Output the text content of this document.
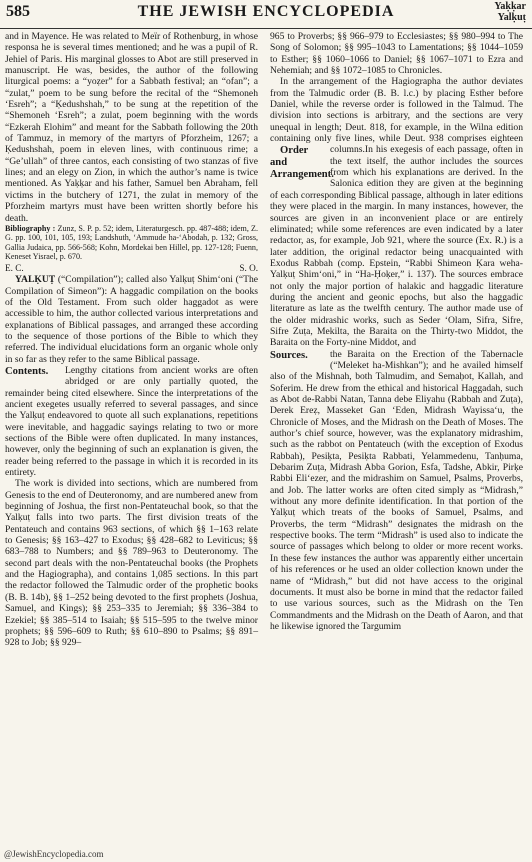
585	THE JEWISH ENCYCLOPEDIA	Yaḳḳar
Yalḳuṭ

and in Mayence. He was related to Meïr of Rothenburg, in whose responsa he is several times mentioned; and he was a pupil of R. Jehiel of Paris. His marginal glosses to Abot are still preserved in manuscript. He was, besides, the author of the following liturgical poems: a “yoẓer” for a Sabbath festival; an “ofan”; a “zulat,” poem to be sung before the recital of the “Shemoneh ‘Esreh”; a “Ḳedushshah,” to be sung at the repetition of the “Shemoneh ‘Esreh”; a zulat, poem beginning with the words “Ezkerah Elohim” and meant for the Sabbath following the 20th of Tammuz, in memory of the martyrs of Pforzheim, 1267; a Ḳedushshah, poem in eleven lines, with continuous rime; a “Ge’ullah” of three cantos, each consisting of two stanzas of five lines; and an elegy on Zion, in which the author’s name is twice mentioned. As Yaḳḳar and his father, Samuel ben Abraham, fell victims in the butchery of 1271, the zulat in memory of the Pforzheim martyrs must have been written shortly before his death.

Bibliography : Zunz, S. P. p. 52; idem, Literaturgesch. pp. 487-488; idem, Z. G. pp. 100, 101, 105, 193; Landshuth, ‘Ammude ha-‘Abodah, p. 132; Gross, Gallia Judaica, pp. 566-568; Kohn, Mordekai ben Hillel, pp. 127-128; Fuenn, Keneset Yisrael, p. 670.

E. C.	S. O.

YALḲUṬ (“Compilation”); called also Yalḳuṭ Shim‘oni (“The Compilation of Simeon”): A haggadic compilation on the books of the Old Testament. From such older haggadot as were accessible to him, the author collected various interpretations and explanations of Biblical passages, and arranged these according to the sequence of those portions of the Bible to which they referred. The individual elucidations form an organic whole only in so far as they refer to the same Biblical passage.

Contents.	Lengthy citations from ancient works are often abridged or are only partially quoted, the remainder being cited elsewhere. Since the interpretations of the ancient exegetes usually referred to several passages, and since the Yalḳuṭ endeavored to quote all such explanations, repetitions were inevitable, and haggadic sayings relating to two or more sections of the Bible were often duplicated. In many instances, however, only the beginning of such an explanation is given, the reader being referred to the passage in which it is recorded in its entirety.

The work is divided into sections, which are numbered from Genesis to the end of Deuteronomy, and are numbered anew from beginning of Joshua, the first non-Pentateuchal book, so that the Yalḳuṭ falls into two parts. The first division treats of the Pentateuch and contains 963 sections, of which §§ 1–163 relate to Genesis; §§ 163–427 to Exodus; §§ 428–682 to Leviticus; §§ 683–788 to Numbers; and §§ 789–963 to Deuteronomy. The second part deals with the non-Pentateuchal books (the Prophets and the Hagiographa), and contains 1,085 sections. In this part the redactor followed the Talmudic order of the prophetic books (B. B. 14b), §§ 1–252 being devoted to the first prophets (Joshua, Samuel, and Kings); §§ 253–335 to Jeremiah; §§ 336–384 to Ezekiel; §§ 385–514 to Isaiah; §§ 515–595 to the twelve minor prophets; §§ 596–609 to Ruth; §§ 610–890 to Psalms; §§ 891–928 to Job; §§ 929–

965 to Proverbs; §§ 966–979 to Ecclesiastes; §§ 980–994 to The Song of Solomon; §§ 995–1043 to Lamentations; §§ 1044–1059 to Esther; §§ 1060–1066 to Daniel; §§ 1067–1071 to Ezra and Nehemiah; and §§ 1072–1085 to Chronicles.

In the arrangement of the Hagiographa the author deviates from the Talmudic order (B. B. l.c.) by placing Esther before Daniel, while the reverse order is followed in the Talmud. The division into sections is arbitrary, and the sections are very unequal in length; Deut. 818, for example, in the Wilna edition containing only five lines, while Deut. 938 comprises eighteen columns.
Order and Arrangement.
In his exegesis of each passage, often in the text itself, the author includes the sources from which his explanations are derived. In the Salonica edition they are given at the beginning of each corresponding Biblical passage, although in later editions they were placed in the margin. In many instances, however, the sources are given in an inconvenient place or are entirely eliminated; while some references are even indicated by a later redactor, as, for example, Job 921, where the source (Ex. R.) is a later addition, the original redactor being unacquainted with Exodus Rabbah (comp. Epstein, “Rabbi Shimeon Ḳara weha-Yalḳuṭ Shim‘oni,” in “Ha-Ḥoḳer,” i. 137). The sources embrace not only the major portion of halakic and haggadic literature during the ancient and geonic epochs, but also the haggadic literature as late as the twelfth century. The author made use of the older midrashic works, such as Seder ‘Olam, Sifra, Sifre, Sifre Zuṭa, Mekilta, the Baraita on the Thirty-two Middot, the Baraita on the Forty-nine Middot, and

Sources.	the Baraita on the Erection of the Tabernacle (“Meleket ha-Mishkan”); and he availed himself also of the Mishnah, both Talmudim, and Semaḥot, Kallah, and Soferim. He drew from the ethical and historical Haggadah, such as Abot de-Rabbi Natan, Tanna debe Eliyahu (Rabbah and Zuṭa), Derek Ereẓ, Masseket Gan ‘Eden, Midrash Wayissa‘u, the Chronicle of Moses, and the Midrash on the Death of Moses. The author’s chief source, however, was the explanatory midrashim, such as the rabbot on Pentateuch (with the exception of Exodus Rabbah), Pesiḳta, Pesiḳta Rabbati, Yelammedenu, Tanḥuma, Debarim Zuṭa, Midrash Abba Gorion, Esfa, Tadshe, Abkir, Pirḳe Rabbi Eli‘ezer, and the midrashim on Samuel, Psalms, Proverbs, and Job. The latter works are often cited simply as “Midrash,” without any more definite identification. In that portion of the Yalḳuṭ which treats of the books of Samuel, Psalms, and Proverbs, the term “Midrash” designates the midrash on the respective books. The term “Midrash” is used also to indicate the source of passages which belong to older or more recent works. In these few instances the author was apparently either uncertain of his references or he used an older collection known under the name of “Midrash,” but did not have access to the original documents. It must also be borne in mind that the redactor failed to use various sources, such as the Midrash on the Ten Commandments and the Midrash on the Death of Aaron, and that he likewise ignored the Targumim

@JewishEncyclopedia.com
